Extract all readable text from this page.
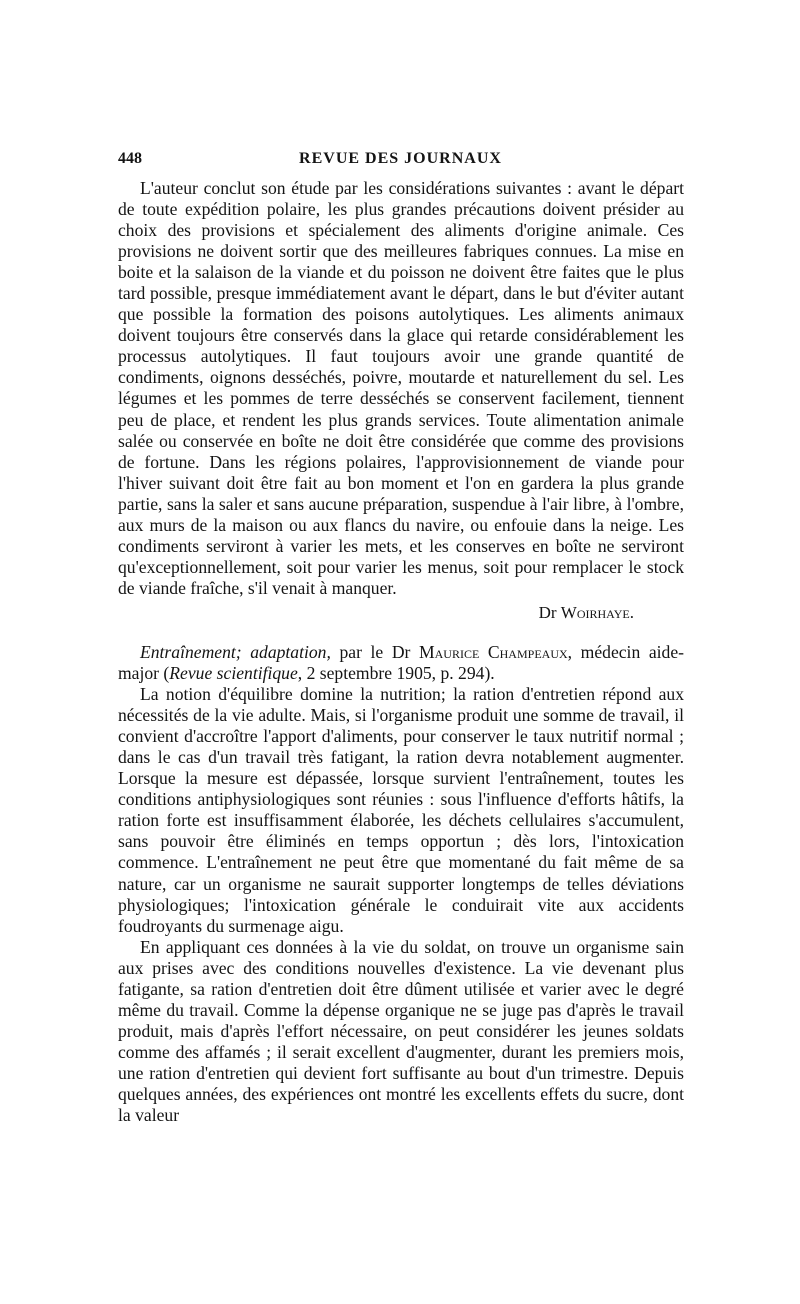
448	REVUE DES JOURNAUX

L'auteur conclut son étude par les considérations suivantes : avant le départ de toute expédition polaire, les plus grandes précautions doivent présider au choix des provisions et spécialement des aliments d'origine animale. Ces provisions ne doivent sortir que des meilleures fabriques connues. La mise en boite et la salaison de la viande et du poisson ne doivent être faites que le plus tard possible, presque immédiatement avant le départ, dans le but d'éviter autant que possible la formation des poisons autolytiques. Les aliments animaux doivent toujours être conservés dans la glace qui retarde considérablement les processus autolytiques. Il faut toujours avoir une grande quantité de condiments, oignons desséchés, poivre, moutarde et naturellement du sel. Les légumes et les pommes de terre desséchés se conservent facilement, tiennent peu de place, et rendent les plus grands services. Toute alimentation animale salée ou conservée en boîte ne doit être considérée que comme des provisions de fortune. Dans les régions polaires, l'approvisionnement de viande pour l'hiver suivant doit être fait au bon moment et l'on en gardera la plus grande partie, sans la saler et sans aucune préparation, suspendue à l'air libre, à l'ombre, aux murs de la maison ou aux flancs du navire, ou enfouie dans la neige. Les condiments serviront à varier les mets, et les conserves en boîte ne serviront qu'exceptionnellement, soit pour varier les menus, soit pour remplacer le stock de viande fraîche, s'il venait à manquer.

Dr Woirhaye.

Entraînement; adaptation, par le Dr Maurice Champeaux, médecin aide-major (Revue scientifique, 2 septembre 1905, p. 294).

La notion d'équilibre domine la nutrition; la ration d'entretien répond aux nécessités de la vie adulte. Mais, si l'organisme produit une somme de travail, il convient d'accroître l'apport d'aliments, pour conserver le taux nutritif normal ; dans le cas d'un travail très fatigant, la ration devra notablement augmenter. Lorsque la mesure est dépassée, lorsque survient l'entraînement, toutes les conditions antiphysiologiques sont réunies : sous l'influence d'efforts hâtifs, la ration forte est insuffisamment élaborée, les déchets cellulaires s'accumulent, sans pouvoir être éliminés en temps opportun ; dès lors, l'intoxication commence. L'entraînement ne peut être que momentané du fait même de sa nature, car un organisme ne saurait supporter longtemps de telles déviations physiologiques; l'intoxication générale le conduirait vite aux accidents foudroyants du surmenage aigu.

En appliquant ces données à la vie du soldat, on trouve un organisme sain aux prises avec des conditions nouvelles d'existence. La vie devenant plus fatigante, sa ration d'entretien doit être dûment utilisée et varier avec le degré même du travail. Comme la dépense organique ne se juge pas d'après le travail produit, mais d'après l'effort nécessaire, on peut considérer les jeunes soldats comme des affamés ; il serait excellent d'augmenter, durant les premiers mois, une ration d'entretien qui devient fort suffisante au bout d'un trimestre. Depuis quelques années, des expériences ont montré les excellents effets du sucre, dont la valeur
